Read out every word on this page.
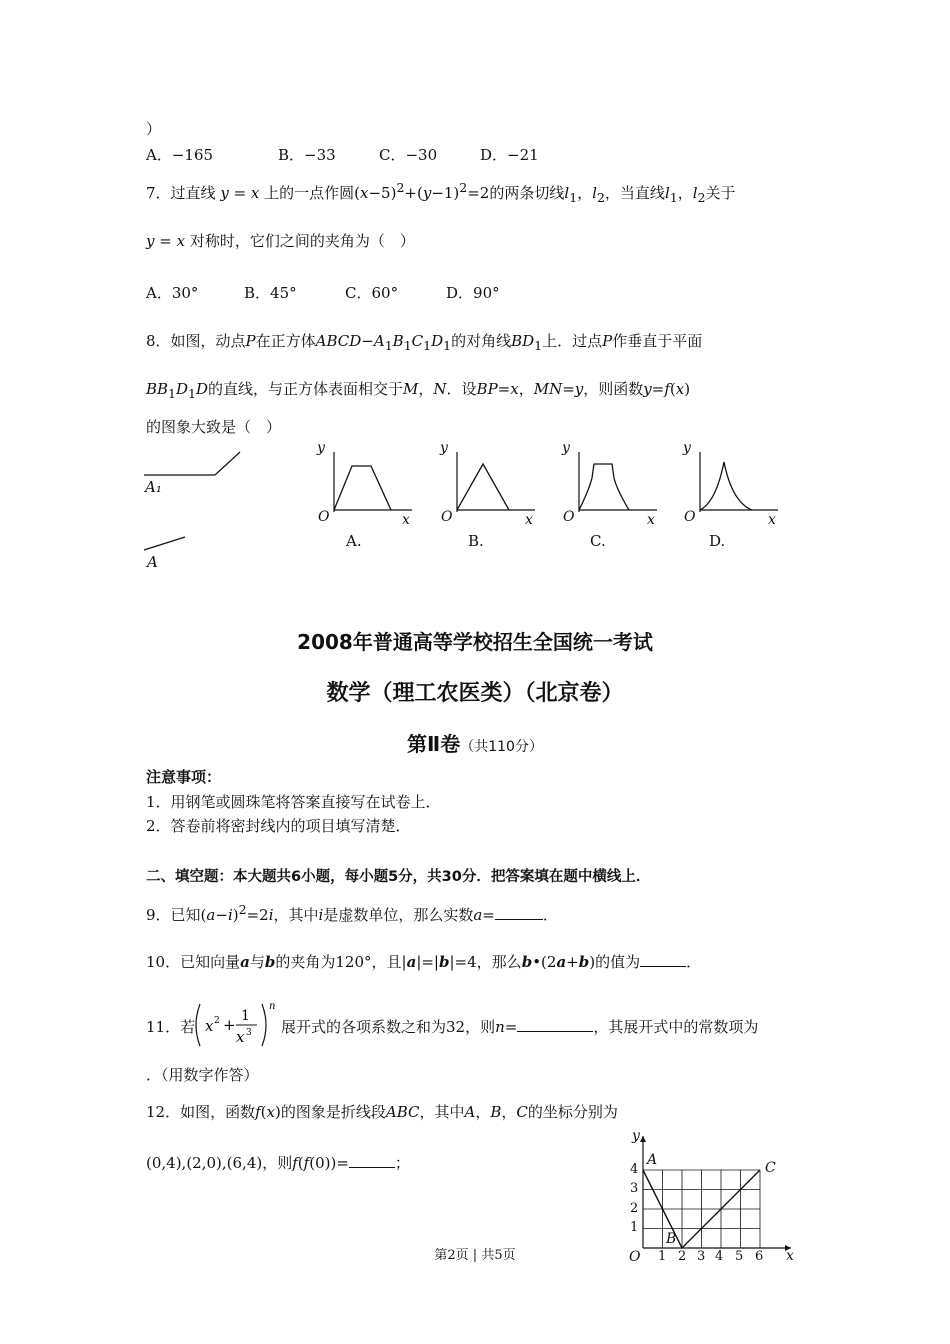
）
A．−165	B．−33	C．−30	D．−21
7．过直线 y = x 上的一点作圆$(x-5)^2+(y-1)^2=2$的两条切线$l_1$，$l_2$，当直线$l_1$，$l_2$关于
y = x 对称时，它们之间的夹角为（　）
A．30°	B．45°	C．60°	D．90°
8．如图，动点P在正方体$ABCD-A_1B_1C_1D_1$的对角线$BD_1$上．过点P作垂直于平面
$BB_1D_1D$的直线，与正方体表面相交于M，N．设BP=x，MN=y，则函数y=f(x)
的图象大致是（　）
A₁
A
y
x
O
A.
y
x
O
B.
y
x
O
C.
y
x
O
D.
2008年普通高等学校招生全国统一考试
数学（理工农医类）（北京卷）
第Ⅱ卷（共110分）
注意事项：
1．用钢笔或圆珠笔将答案直接写在试卷上．
2．答卷前将密封线内的项目填写清楚．
二、填空题：本大题共6小题，每小题5分，共30分．把答案填在题中横线上．
9．已知$(a-i)^2=2i$，其中i是虚数单位，那么实数a=	．
10．已知向量a与b的夹角为120°，且|a|=|b|=4，那么b•(2a+b)的值为	．
11．若 x 2 + 1
x 3
n
展开式的各项系数之和为32，则n=	，其展开式中的常数项为
．（用数字作答）
12．如图，函数f(x)的图象是折线段ABC，其中A，B，C的坐标分别为
(0,4),(2,0),(6,4)，则f(f(0))=	；
y
x
O
A
B
C
1 2 3 4 5 6
1
2
3
4
第2页 | 共5页
